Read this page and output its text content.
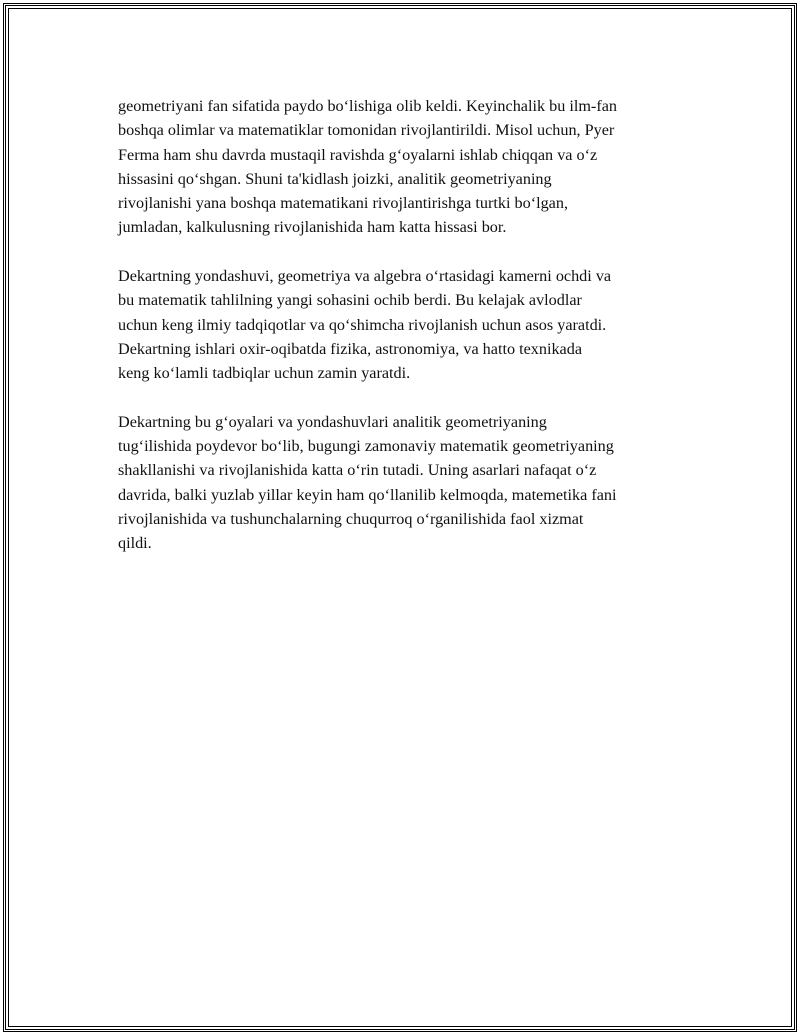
geometriyani fan sifatida paydo boʻlishiga olib keldi. Keyinchalik bu ilm-fan
boshqa olimlar va matematiklar tomonidan rivojlantirildi. Misol uchun, Pyer
Ferma ham shu davrda mustaqil ravishda gʻoyalarni ishlab chiqqan va oʻz
hissasini qoʻshgan. Shuni ta'kidlash joizki, analitik geometriyaning
rivojlanishi yana boshqa matematikani rivojlantirishga turtki boʻlgan,
jumladan, kalkulusning rivojlanishida ham katta hissasi bor.

Dekartning yondashuvi, geometriya va algebra oʻrtasidagi kamerni ochdi va
bu matematik tahlilning yangi sohasini ochib berdi. Bu kelajak avlodlar
uchun keng ilmiy tadqiqotlar va qoʻshimcha rivojlanish uchun asos yaratdi.
Dekartning ishlari oxir-oqibatda fizika, astronomiya, va hatto texnikada
keng koʻlamli tadbiqlar uchun zamin yaratdi.

Dekartning bu gʻoyalari va yondashuvlari analitik geometriyaning
tugʻilishida poydevor boʻlib, bugungi zamonaviy matematik geometriyaning
shakllanishi va rivojlanishida katta oʻrin tutadi. Uning asarlari nafaqat oʻz
davrida, balki yuzlab yillar keyin ham qoʻllanilib kelmoqda, matemetika fani
rivojlanishida va tushunchalarning chuqurroq oʻrganilishida faol xizmat
qildi.
